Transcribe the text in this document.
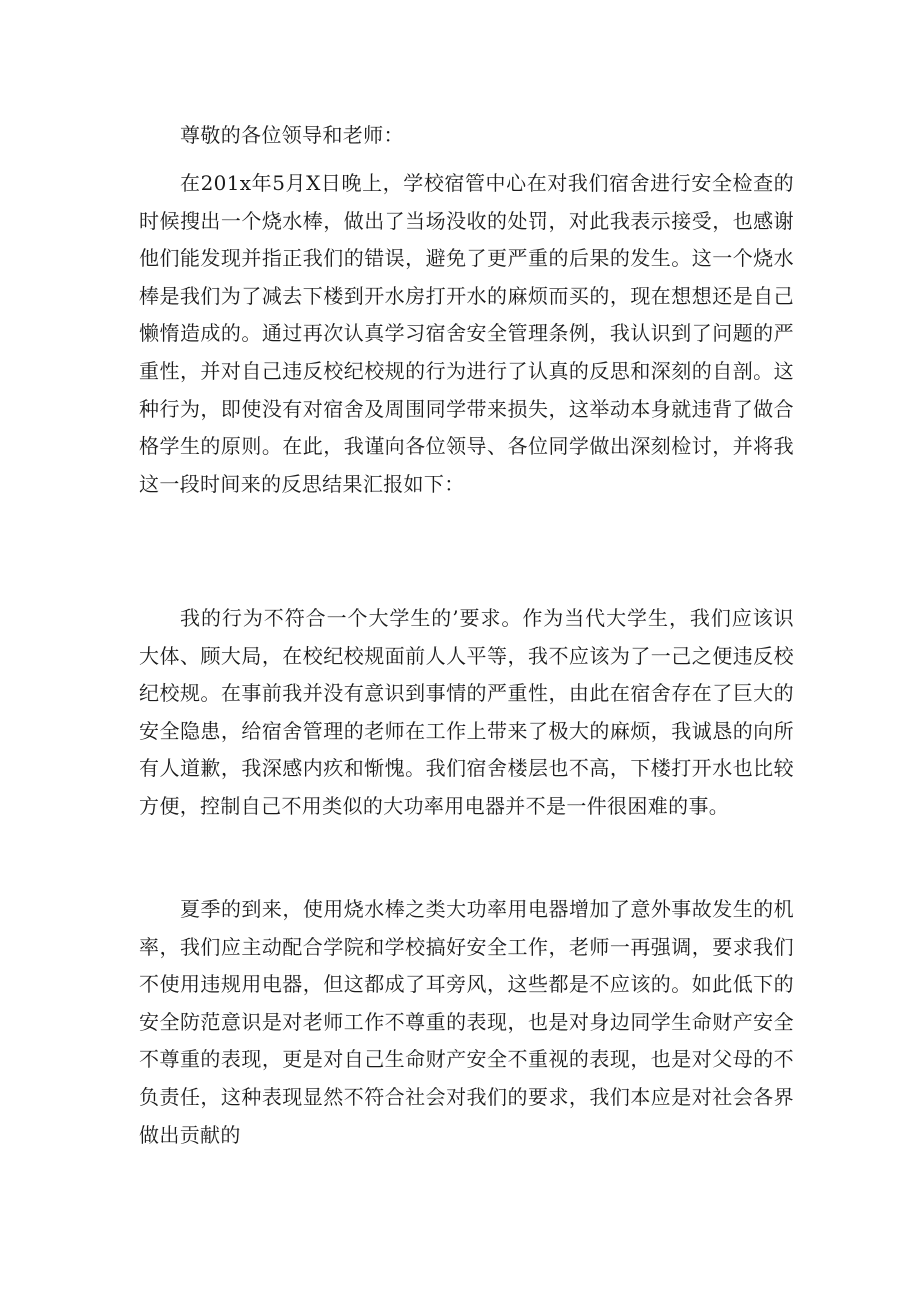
尊敬的各位领导和老师：

在201x年5月X日晚上，学校宿管中心在对我们宿舍进行安全检查的时候搜出一个烧水棒，做出了当场没收的处罚，对此我表示接受，也感谢他们能发现并指正我们的错误，避免了更严重的后果的发生。这一个烧水棒是我们为了减去下楼到开水房打开水的麻烦而买的，现在想想还是自己懒惰造成的。通过再次认真学习宿舍安全管理条例，我认识到了问题的严重性，并对自己违反校纪校规的行为进行了认真的反思和深刻的自剖。这种行为，即使没有对宿舍及周围同学带来损失，这举动本身就违背了做合格学生的原则。在此，我谨向各位领导、各位同学做出深刻检讨，并将我这一段时间来的反思结果汇报如下：

我的行为不符合一个大学生的’要求。作为当代大学生，我们应该识大体、顾大局，在校纪校规面前人人平等，我不应该为了一己之便违反校纪校规。在事前我并没有意识到事情的严重性，由此在宿舍存在了巨大的安全隐患，给宿舍管理的老师在工作上带来了极大的麻烦，我诚恳的向所有人道歉，我深感内疚和惭愧。我们宿舍楼层也不高，下楼打开水也比较方便，控制自己不用类似的大功率用电器并不是一件很困难的事。

夏季的到来，使用烧水棒之类大功率用电器增加了意外事故发生的机率，我们应主动配合学院和学校搞好安全工作，老师一再强调，要求我们不使用违规用电器，但这都成了耳旁风，这些都是不应该的。如此低下的安全防范意识是对老师工作不尊重的表现，也是对身边同学生命财产安全不尊重的表现，更是对自己生命财产安全不重视的表现，也是对父母的不负责任，这种表现显然不符合社会对我们的要求，我们本应是对社会各界做出贡献的
